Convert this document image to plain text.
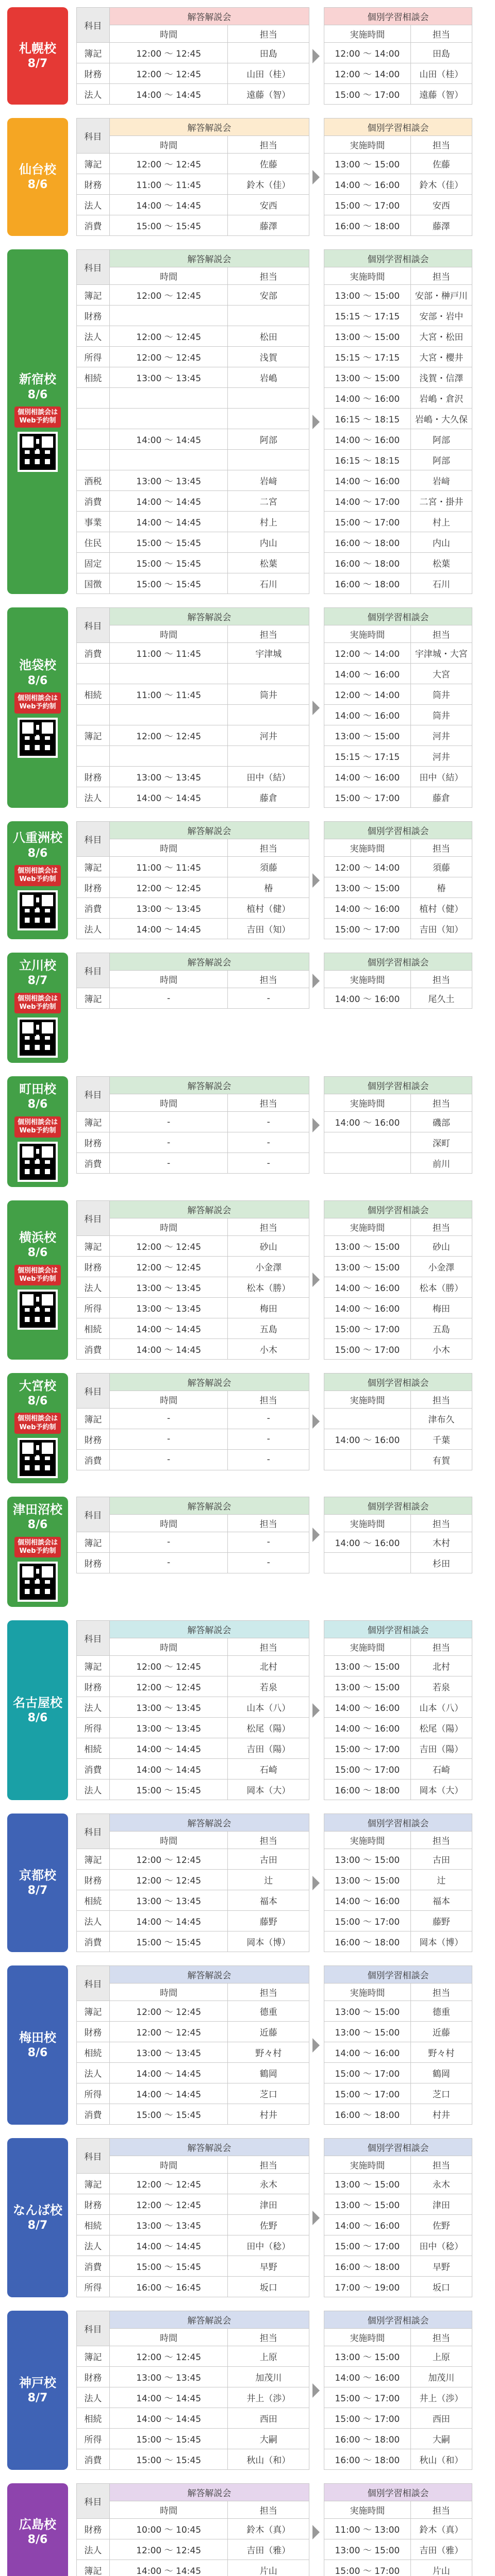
札幌校
8/7
科目	解答解説会	
	時間	担当
簿記	12:00 〜 12:45	田島
財務	12:00 〜 12:45	山田（桂）
法人	14:00 〜 14:45	遠藤（智）
個別学習相談会	
実施時間	担当
12:00 〜 14:00	田島
12:00 〜 14:00	山田（桂）
15:00 〜 17:00	遠藤（智）
仙台校
8/6
科目	解答解説会	
	時間	担当
簿記	12:00 〜 12:45	佐藤
財務	11:00 〜 11:45	鈴木（佳）
法人	14:00 〜 14:45	安西
消費	15:00 〜 15:45	藤澤
個別学習相談会	
実施時間	担当
13:00 〜 15:00	佐藤
14:00 〜 16:00	鈴木（佳）
15:00 〜 17:00	安西
16:00 〜 18:00	藤澤
新宿校
8/6
個別相談会は
Web予約制
科目	解答解説会	
	時間	担当
簿記	12:00 〜 12:45	安部
財務		
法人	12:00 〜 12:45	松田
所得	12:00 〜 12:45	浅賀
相続	13:00 〜 13:45	岩嶋

	14:00 〜 14:45	阿部

酒税	13:00 〜 13:45	岩﨑
消費	14:00 〜 14:45	二宮
事業	14:00 〜 14:45	村上
住民	15:00 〜 15:45	内山
固定	15:00 〜 15:45	松葉
国徴	15:00 〜 15:45	石川
個別学習相談会	
実施時間	担当
13:00 〜 15:00	安部・榊戸川
15:15 〜 17:15	安部・岩中
13:00 〜 15:00	大宮・松田
15:15 〜 17:15	大宮・櫻井
13:00 〜 15:00	浅賀・信澤
14:00 〜 16:00	岩嶋・倉沢
16:15 〜 18:15	岩嶋・大久保
14:00 〜 16:00	阿部
16:15 〜 18:15	阿部
14:00 〜 16:00	岩﨑
14:00 〜 17:00	二宮・掛井
15:00 〜 17:00	村上
16:00 〜 18:00	内山
16:00 〜 18:00	松葉
16:00 〜 18:00	石川
池袋校
8/6
個別相談会は
Web予約制
科目	解答解説会	
	時間	担当
消費	11:00 〜 11:45	宇津城

相続	11:00 〜 11:45	筒井

簿記	12:00 〜 12:45	河井

財務	13:00 〜 13:45	田中（結）
法人	14:00 〜 14:45	藤倉
個別学習相談会	
実施時間	担当
12:00 〜 14:00	宇津城・大宮
14:00 〜 16:00	大宮
12:00 〜 14:00	筒井
14:00 〜 16:00	筒井
13:00 〜 15:00	河井
15:15 〜 17:15	河井
14:00 〜 16:00	田中（結）
15:00 〜 17:00	藤倉
八重洲校
8/6
個別相談会は
Web予約制
科目	解答解説会	
	時間	担当
簿記	11:00 〜 11:45	須藤
財務	12:00 〜 12:45	椿
消費	13:00 〜 13:45	植村（健）
法人	14:00 〜 14:45	吉田（知）
個別学習相談会	
実施時間	担当
12:00 〜 14:00	須藤
13:00 〜 15:00	椿
14:00 〜 16:00	植村（健）
15:00 〜 17:00	吉田（知）
立川校
8/7
個別相談会は
Web予約制
科目	解答解説会	
	時間	担当
簿記	-	-
個別学習相談会	
実施時間	担当
14:00 〜 16:00	尾久土
町田校
8/6
個別相談会は
Web予約制
科目	解答解説会	
	時間	担当
簿記	-	-
財務	-	-
消費	-	-
個別学習相談会	
実施時間	担当
14:00 〜 16:00	磯部
	深町
	前川
横浜校
8/6
個別相談会は
Web予約制
科目	解答解説会	
	時間	担当
簿記	12:00 〜 12:45	砂山
財務	12:00 〜 12:45	小金澤
法人	13:00 〜 13:45	松本（勝）
所得	13:00 〜 13:45	梅田
相続	14:00 〜 14:45	五島
消費	14:00 〜 14:45	小木
個別学習相談会	
実施時間	担当
13:00 〜 15:00	砂山
13:00 〜 15:00	小金澤
14:00 〜 16:00	松本（勝）
14:00 〜 16:00	梅田
15:00 〜 17:00	五島
15:00 〜 17:00	小木
大宮校
8/6
個別相談会は
Web予約制
科目	解答解説会	
	時間	担当
簿記	-	-
財務	-	-
消費	-	-
個別学習相談会	
実施時間	担当
	津布久
14:00 〜 16:00	千葉
	有賀
津田沼校
8/6
個別相談会は
Web予約制
科目	解答解説会	
	時間	担当
簿記	-	-
財務	-	-
個別学習相談会	
実施時間	担当
14:00 〜 16:00	木村
	杉田
名古屋校
8/6
科目	解答解説会	
	時間	担当
簿記	12:00 〜 12:45	北村
財務	12:00 〜 12:45	若泉
法人	13:00 〜 13:45	山本（八）
所得	13:00 〜 13:45	松尾（陽）
相続	14:00 〜 14:45	吉田（陽）
消費	14:00 〜 14:45	石崎
法人	15:00 〜 15:45	岡本（大）
個別学習相談会	
実施時間	担当
13:00 〜 15:00	北村
13:00 〜 15:00	若泉
14:00 〜 16:00	山本（八）
14:00 〜 16:00	松尾（陽）
15:00 〜 17:00	吉田（陽）
15:00 〜 17:00	石崎
16:00 〜 18:00	岡本（大）
京都校
8/7
科目	解答解説会	
	時間	担当
簿記	12:00 〜 12:45	古田
財務	12:00 〜 12:45	辻
相続	13:00 〜 13:45	福本
法人	14:00 〜 14:45	藤野
消費	15:00 〜 15:45	岡本（博）
個別学習相談会	
実施時間	担当
13:00 〜 15:00	古田
13:00 〜 15:00	辻
14:00 〜 16:00	福本
15:00 〜 17:00	藤野
16:00 〜 18:00	岡本（博）
梅田校
8/6
科目	解答解説会	
	時間	担当
簿記	12:00 〜 12:45	德重
財務	12:00 〜 12:45	近藤
相続	13:00 〜 13:45	野々村
法人	14:00 〜 14:45	鶴岡
所得	14:00 〜 14:45	芝口
消費	15:00 〜 15:45	村井
個別学習相談会	
実施時間	担当
13:00 〜 15:00	德重
13:00 〜 15:00	近藤
14:00 〜 16:00	野々村
15:00 〜 17:00	鶴岡
15:00 〜 17:00	芝口
16:00 〜 18:00	村井
なんば校
8/7
科目	解答解説会	
	時間	担当
簿記	12:00 〜 12:45	永木
財務	12:00 〜 12:45	津田
相続	13:00 〜 13:45	佐野
法人	14:00 〜 14:45	田中（稔）
消費	15:00 〜 15:45	早野
所得	16:00 〜 16:45	坂口
個別学習相談会	
実施時間	担当
13:00 〜 15:00	永木
13:00 〜 15:00	津田
14:00 〜 16:00	佐野
15:00 〜 17:00	田中（稔）
16:00 〜 18:00	早野
17:00 〜 19:00	坂口
神戸校
8/7
科目	解答解説会	
	時間	担当
簿記	12:00 〜 12:45	上原
財務	13:00 〜 13:45	加茂川
法人	14:00 〜 14:45	井上（渉）
相続	14:00 〜 14:45	西田
所得	15:00 〜 15:45	大嗣
消費	15:00 〜 15:45	秋山（和）
個別学習相談会	
実施時間	担当
13:00 〜 15:00	上原
14:00 〜 16:00	加茂川
15:00 〜 17:00	井上（渉）
15:00 〜 17:00	西田
16:00 〜 18:00	大嗣
16:00 〜 18:00	秋山（和）
広島校
8/6
科目	解答解説会	
	時間	担当
財務	10:00 〜 10:45	鈴木（真）
法人	12:00 〜 12:45	吉田（雅）
簿記	14:00 〜 14:45	片山
個別学習相談会	
実施時間	担当
11:00 〜 13:00	鈴木（真）
13:00 〜 15:00	吉田（雅）
15:00 〜 17:00	片山
